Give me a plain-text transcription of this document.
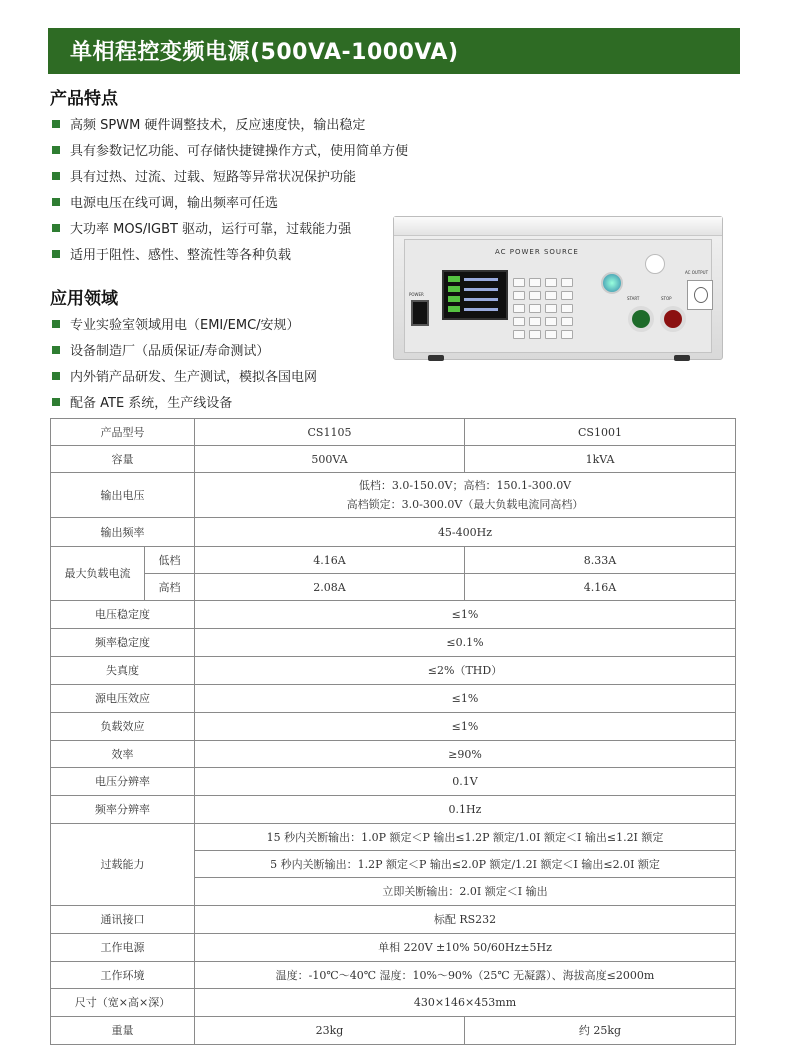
单相程控变频电源(500VA-1000VA)
产品特点
高频 SPWM 硬件调整技术，反应速度快，输出稳定
具有参数记忆功能、可存储快捷键操作方式，使用简单方便
具有过热、过流、过载、短路等异常状况保护功能
电源电压在线可调，输出频率可任选
大功率 MOS/IGBT 驱动，运行可靠，过载能力强
适用于阻性、感性、整流性等各种负载
应用领域
专业实验室领域用电（EMI/EMC/安规）
设备制造厂（品质保证/寿命测试）
内外销产品研发、生产测试，模拟各国电网
配备 ATE 系统，生产线设备
AC POWER SOURCE
POWER
START	STOP
AC OUTPUT
产品型号		CS1105	CS1001
容量		500VA	1kVA
输出电压		低档：3.0-150.0V；高档：150.1-300.0V
高档锁定：3.0-300.0V（最大负载电流同高档）	

输出频率		45-400Hz	
最大负载电流	低档	4.16A	8.33A
	高档	2.08A	4.16A
电压稳定度		≤1%	
频率稳定度		≤0.1%	
失真度		≤2%（THD）	
源电压效应		≤1%	
负载效应		≤1%	
效率		≥90%	
电压分辨率		0.1V	
频率分辨率		0.1Hz	
过载能力		15 秒内关断输出：1.0P 额定＜P 输出≤1.2P 额定/1.0I 额定＜I 输出≤1.2I 额定	
		5 秒内关断输出：1.2P 额定＜P 输出≤2.0P 额定/1.2I 额定＜I 输出≤2.0I 额定	
		立即关断输出：2.0I 额定＜I 输出	
通讯接口		标配 RS232	
工作电源		单相 220V ±10% 50/60Hz±5Hz	
工作环境		温度：-10℃～40℃ 湿度：10%～90%（25℃ 无凝露）、海拔高度≤2000m	
尺寸（宽×高×深）		430×146×453mm	
重量		23kg	约 25kg
